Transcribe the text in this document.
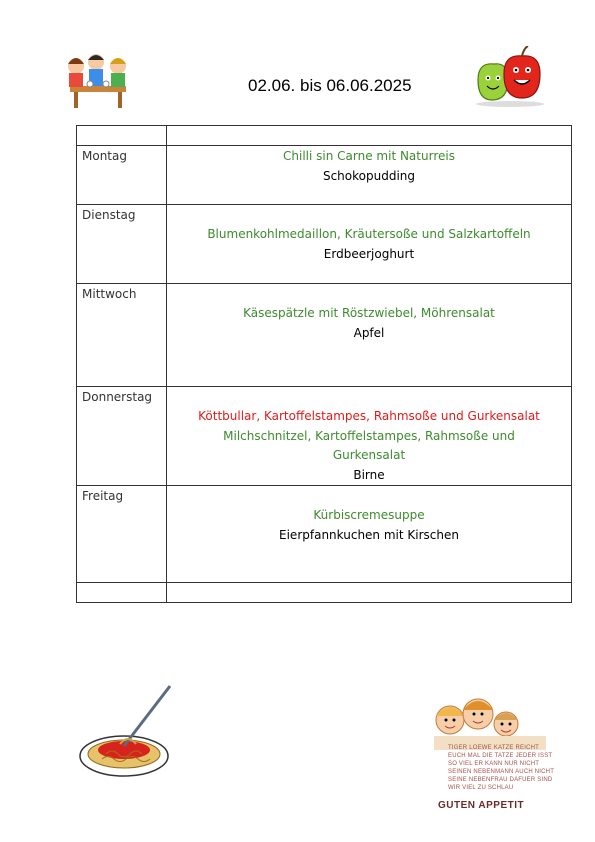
02.06. bis 06.06.2025

Montag	Chilli sin Carne mit Naturreis
Schokopudding

Dienstag	Blumenkohlmedaillon, Kräutersoße und Salzkartoffeln
Erdbeerjoghurt

Mittwoch	Käsespätzle mit Röstzwiebel, Möhrensalat
Apfel

Donnerstag	Köttbullar, Kartoffelstampes, Rahmsoße und Gurkensalat
Milchschnitzel, Kartoffelstampes, Rahmsoße und Gurkensalat
Birne

Freitag	Kürbiscremesuppe
Eierpfannkuchen mit Kirschen

TIGER LOEWE KATZE REICHT EUCH MAL DIE TATZE JEDER ISST SO VIEL ER KANN NUR NICHT SEINEN NEBENMANN AUCH NICHT SEINE NEBENFRAU DAFUER SIND WIR VIEL ZU SCHLAU
GUTEN APPETIT
